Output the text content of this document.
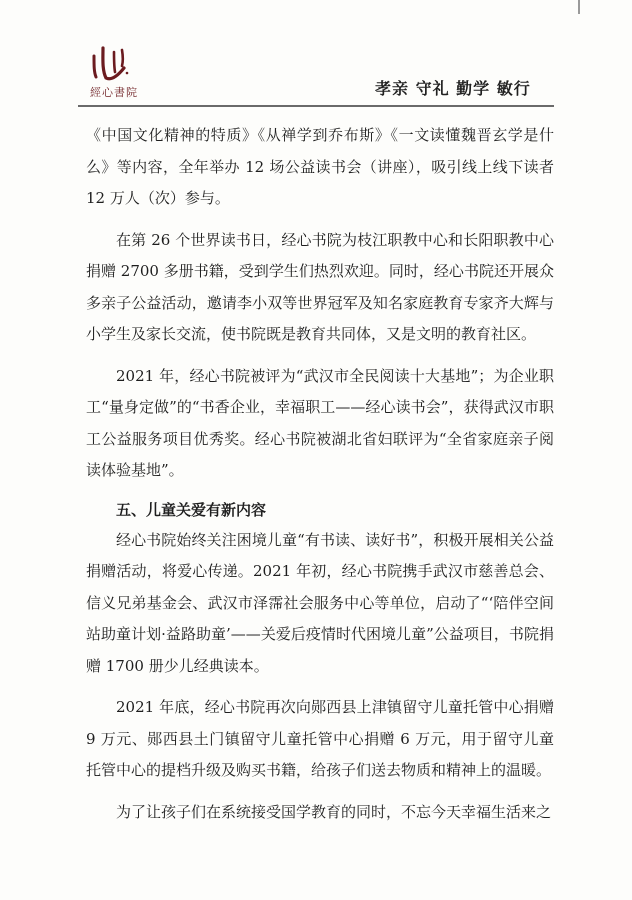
經心書院	孝亲 守礼 勤学 敏行

《中国文化精神的特质》《从禅学到乔布斯》《一文读懂魏晋玄学是什么》等内容，全年举办 12 场公益读书会（讲座），吸引线上线下读者 12 万人（次）参与。

在第 26 个世界读书日，经心书院为枝江职教中心和长阳职教中心捐赠 2700 多册书籍，受到学生们热烈欢迎。同时，经心书院还开展众多亲子公益活动，邀请李小双等世界冠军及知名家庭教育专家齐大辉与小学生及家长交流，使书院既是教育共同体，又是文明的教育社区。

2021 年，经心书院被评为“武汉市全民阅读十大基地”；为企业职工“量身定做”的“书香企业，幸福职工——经心读书会”，获得武汉市职工公益服务项目优秀奖。经心书院被湖北省妇联评为“全省家庭亲子阅读体验基地”。

五、儿童关爱有新内容

经心书院始终关注困境儿童“有书读、读好书”，积极开展相关公益捐赠活动，将爱心传递。2021 年初，经心书院携手武汉市慈善总会、信义兄弟基金会、武汉市泽霈社会服务中心等单位，启动了“‘陪伴空间站助童计划·益路助童’——关爱后疫情时代困境儿童”公益项目，书院捐赠 1700 册少儿经典读本。

2021 年底，经心书院再次向郧西县上津镇留守儿童托管中心捐赠 9 万元、郧西县土门镇留守儿童托管中心捐赠 6 万元，用于留守儿童托管中心的提档升级及购买书籍，给孩子们送去物质和精神上的温暖。

为了让孩子们在系统接受国学教育的同时，不忘今天幸福生活来之
